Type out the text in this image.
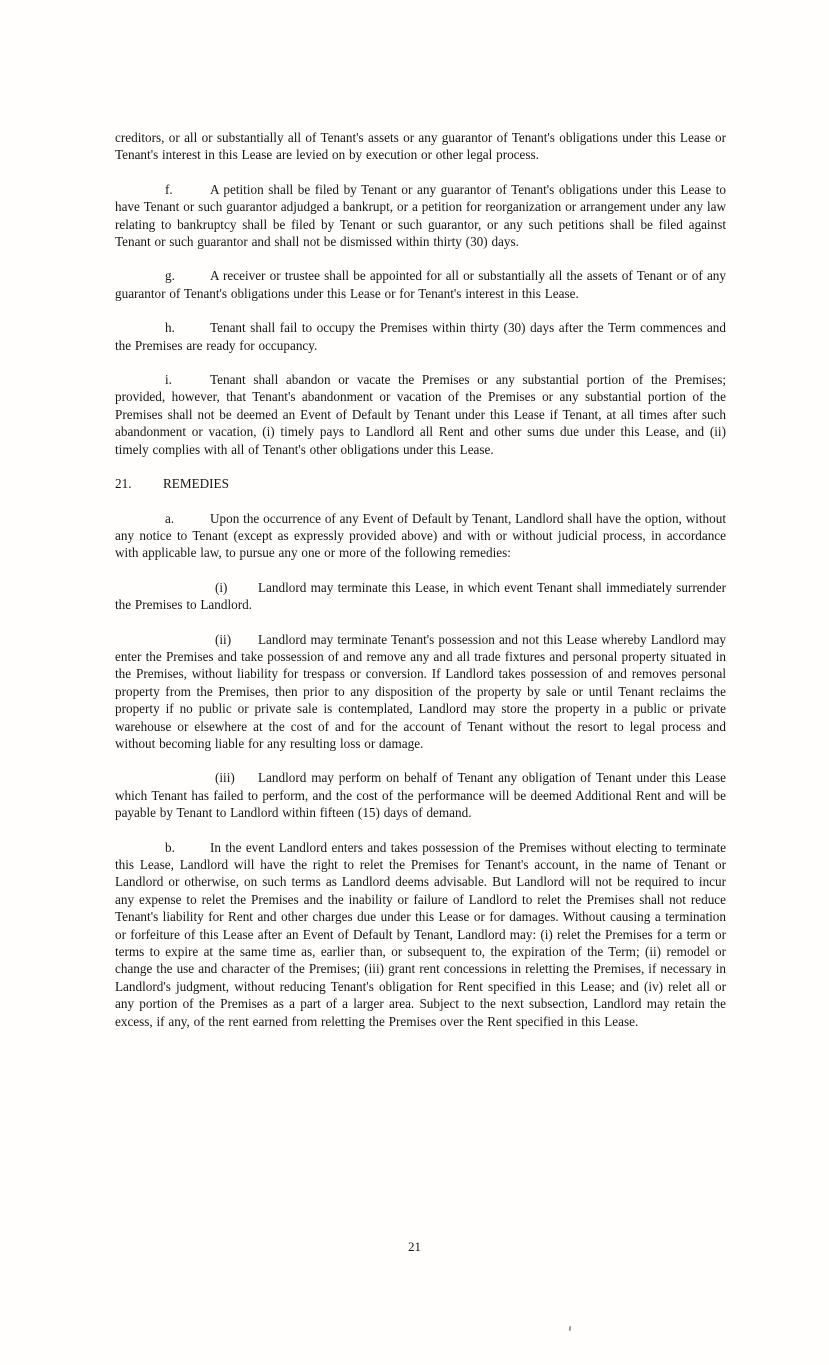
creditors, or all or substantially all of Tenant's assets or any guarantor of Tenant's obligations under this Lease or Tenant's interest in this Lease are levied on by execution or other legal process.

f.	A petition shall be filed by Tenant or any guarantor of Tenant's obligations under this Lease to have Tenant or such guarantor adjudged a bankrupt, or a petition for reorganization or arrangement under any law relating to bankruptcy shall be filed by Tenant or such guarantor, or any such petitions shall be filed against Tenant or such guarantor and shall not be dismissed within thirty (30) days.

g.	A receiver or trustee shall be appointed for all or substantially all the assets of Tenant or of any guarantor of Tenant's obligations under this Lease or for Tenant's interest in this Lease.

h.	Tenant shall fail to occupy the Premises within thirty (30) days after the Term commences and the Premises are ready for occupancy.

i.	Tenant shall abandon or vacate the Premises or any substantial portion of the Premises; provided, however, that Tenant's abandonment or vacation of the Premises or any substantial portion of the Premises shall not be deemed an Event of Default by Tenant under this Lease if Tenant, at all times after such abandonment or vacation, (i) timely pays to Landlord all Rent and other sums due under this Lease, and (ii) timely complies with all of Tenant's other obligations under this Lease.

21. REMEDIES

a.	Upon the occurrence of any Event of Default by Tenant, Landlord shall have the option, without any notice to Tenant (except as expressly provided above) and with or without judicial process, in accordance with applicable law, to pursue any one or more of the following remedies:

(i) Landlord may terminate this Lease, in which event Tenant shall immediately surrender the Premises to Landlord.

(ii) Landlord may terminate Tenant's possession and not this Lease whereby Landlord may enter the Premises and take possession of and remove any and all trade fixtures and personal property situated in the Premises, without liability for trespass or conversion. If Landlord takes possession of and removes personal property from the Premises, then prior to any disposition of the property by sale or until Tenant reclaims the property if no public or private sale is contemplated, Landlord may store the property in a public or private warehouse or elsewhere at the cost of and for the account of Tenant without the resort to legal process and without becoming liable for any resulting loss or damage.

(iii) Landlord may perform on behalf of Tenant any obligation of Tenant under this Lease which Tenant has failed to perform, and the cost of the performance will be deemed Additional Rent and will be payable by Tenant to Landlord within fifteen (15) days of demand.

b.	In the event Landlord enters and takes possession of the Premises without electing to terminate this Lease, Landlord will have the right to relet the Premises for Tenant's account, in the name of Tenant or Landlord or otherwise, on such terms as Landlord deems advisable. But Landlord will not be required to incur any expense to relet the Premises and the inability or failure of Landlord to relet the Premises shall not reduce Tenant's liability for Rent and other charges due under this Lease or for damages. Without causing a termination or forfeiture of this Lease after an Event of Default by Tenant, Landlord may: (i) relet the Premises for a term or terms to expire at the same time as, earlier than, or subsequent to, the expiration of the Term; (ii) remodel or change the use and character of the Premises; (iii) grant rent concessions in reletting the Premises, if necessary in Landlord's judgment, without reducing Tenant's obligation for Rent specified in this Lease; and (iv) relet all or any portion of the Premises as a part of a larger area. Subject to the next subsection, Landlord may retain the excess, if any, of the rent earned from reletting the Premises over the Rent specified in this Lease.

21
